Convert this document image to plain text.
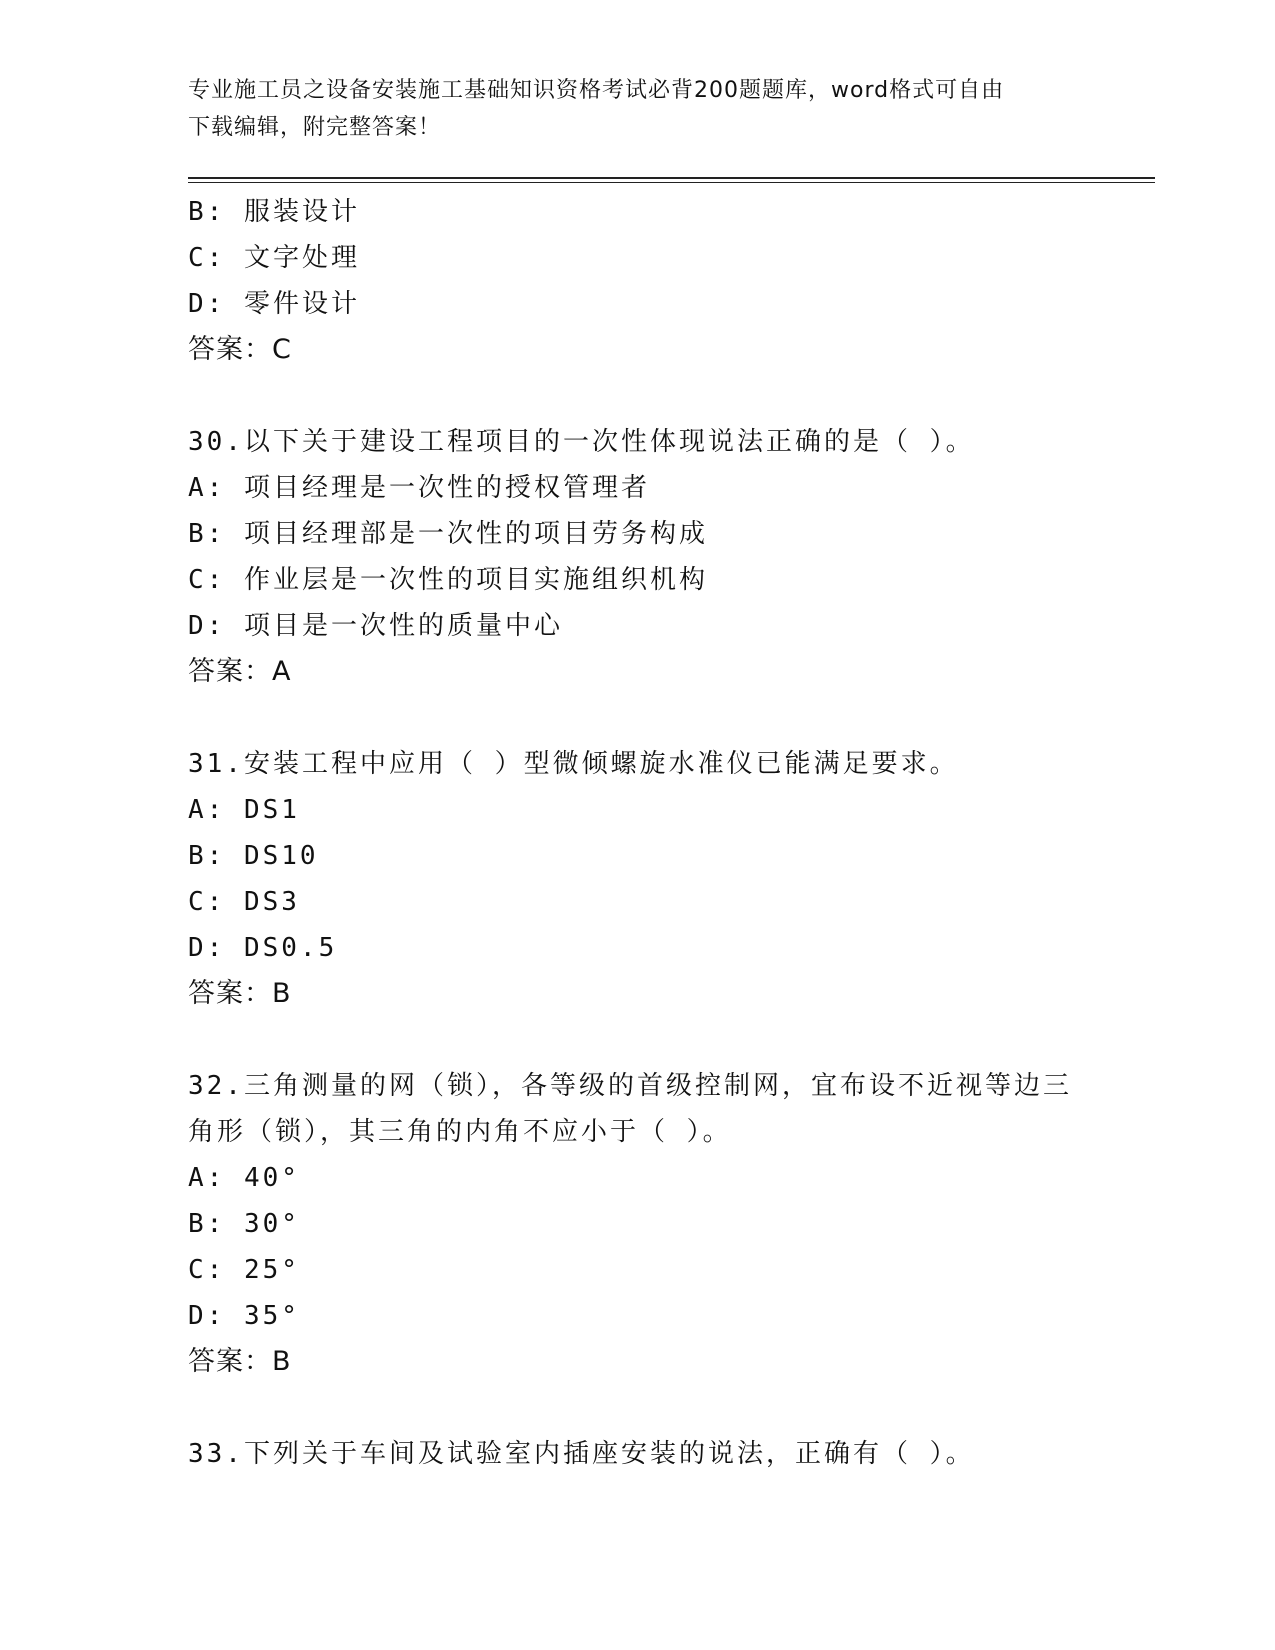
专业施工员之设备安装施工基础知识资格考试必背200题题库，word格式可自由
下载编辑，附完整答案！
B: 服装设计
C: 文字处理
D: 零件设计
答案：C
30.以下关于建设工程项目的一次性体现说法正确的是（ ）。
A: 项目经理是一次性的授权管理者
B: 项目经理部是一次性的项目劳务构成
C: 作业层是一次性的项目实施组织机构
D: 项目是一次性的质量中心
答案：A
31.安装工程中应用（ ）型微倾螺旋水准仪已能满足要求。
A: DS1
B: DS10
C: DS3
D: DS0.5
答案：B
32.三角测量的网（锁），各等级的首级控制网，宜布设不近视等边三
角形（锁），其三角的内角不应小于（ ）。
A: 40°
B: 30°
C: 25°
D: 35°
答案：B
33.下列关于车间及试验室内插座安装的说法，正确有（ ）。
